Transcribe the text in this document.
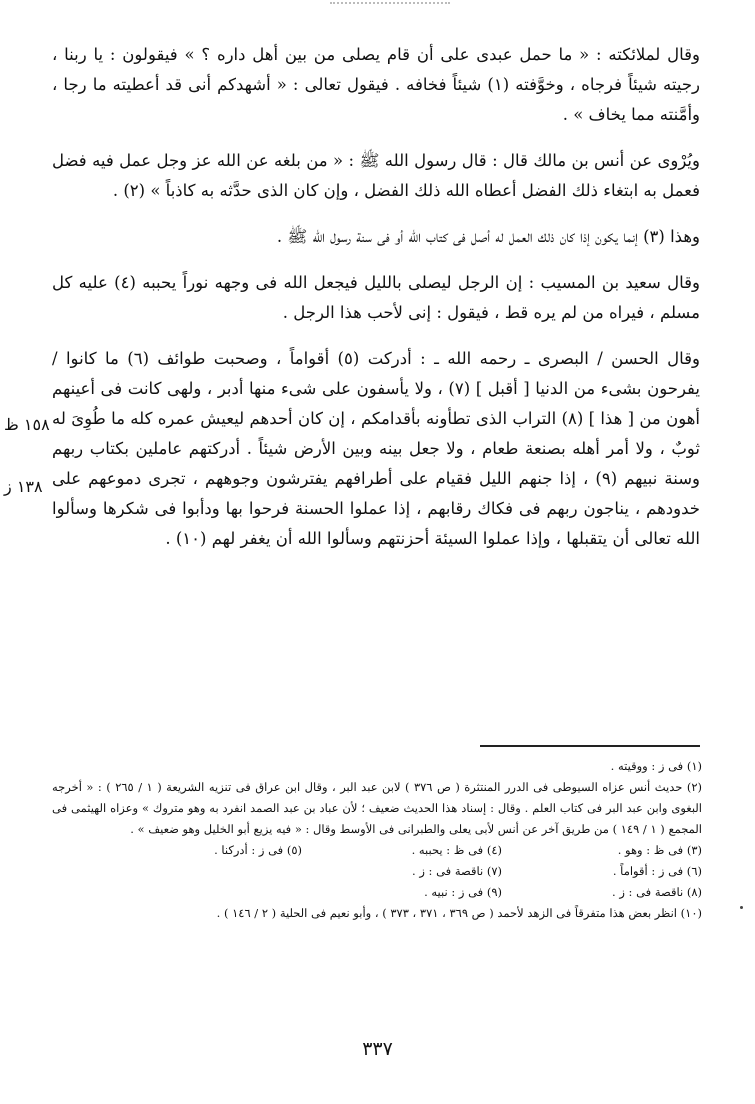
وقال لملائكته : « ما حمل عبدى على أن قام يصلى من بين أهل داره ؟ » فيقولون : يا ربنا ، رجيته شيئاً فرجاه ، وخوَّفته (١) شيئاً فخافه . فيقول تعالى : « أشهدكم أنى قد أعطيته ما رجا ، وأمَّنته مما يخاف » .

ويُرْوى عن أنس بن مالك قال : قال رسول الله ﷺ : « من بلغه عن الله عز وجل عمل فيه فضل فعمل به ابتغاء ذلك الفضل أعطاه الله ذلك الفضل ، وإن كان الذى حدَّثه به كاذباً » (٢) .

وهذا (٣) إنما يكون إذا كان ذلك العمل له أصل فى كتاب الله أو فى سنة رسول الله ﷺ .

وقال سعيد بن المسيب : إن الرجل ليصلى بالليل فيجعل الله فى وجهه نوراً يحببه (٤) عليه كل مسلم ، فيراه من لم يره قط ، فيقول : إنى لأحب هذا الرجل .

وقال الحسن / البصرى ـ رحمه الله ـ : أدركت (٥) أقواماً ، وصحبت طوائف (٦) ما كانوا / يفرحون بشىء من الدنيا [ أقبل ] (٧) ، ولا يأسفون على شىء منها أدبر ، ولهى كانت فى أعينهم أهون من [ هذا ] (٨) التراب الذى تطأونه بأقدامكم ، إن كان أحدهم ليعيش عمره كله ما طُوِىَ له ثوبٌ ، ولا أمر أهله بصنعة طعام ، ولا جعل بينه وبين الأرض شيئاً . أدركتهم عاملين بكتاب ربهم وسنة نبيهم (٩) ، إذا جنهم الليل فقيام على أطرافهم يفترشون وجوههم ، تجرى دموعهم على خدودهم ، يناجون ربهم فى فكاك رقابهم ، إذا عملوا الحسنة فرحوا بها ودأبوا فى شكرها وسألوا الله تعالى أن يتقبلها ، وإذا عملوا السيئة أحزنتهم وسألوا الله أن يغفر لهم (١٠) .

١٥٨ ظ
١٣٨ ز
(١) فى ز : ووقيته .
(٢) حديث أنس عزاه السيوطى فى الدرر المنتثرة ( ص ٣٧٦ ) لابن عبد البر ، وقال ابن عراق فى تنزيه الشريعة ( ١ / ٢٦٥ ) : « أخرجه البغوى وابن عبد البر فى كتاب العلم . وقال : إسناد هذا الحديث ضعيف ؛ لأن عباد بن عبد الصمد انفرد به وهو متروك » وعزاه الهيثمى فى المجمع ( ١ / ١٤٩ ) من طريق آخر عن أنس لأبى يعلى والطبرانى فى الأوسط وقال : « فيه يزيع أبو الخليل وهو ضعيف » .
(٣) فى ظ : وهو .
(٤) فى ظ : يحببه .
(٥) فى ز : أدركنا .
(٦) فى ز : أقواماً .
(٧) ناقصة فى : ز .
(٨) ناقصة فى : ز .
(٩) فى ز : نبيه .
(١٠) انظر بعض هذا متفرقاً فى الزهد لأحمد ( ص ٣٦٩ ، ٣٧١ ، ٣٧٣ ) ، وأبو نعيم فى الحلية ( ٢ / ١٤٦ ) .
٣٣٧
